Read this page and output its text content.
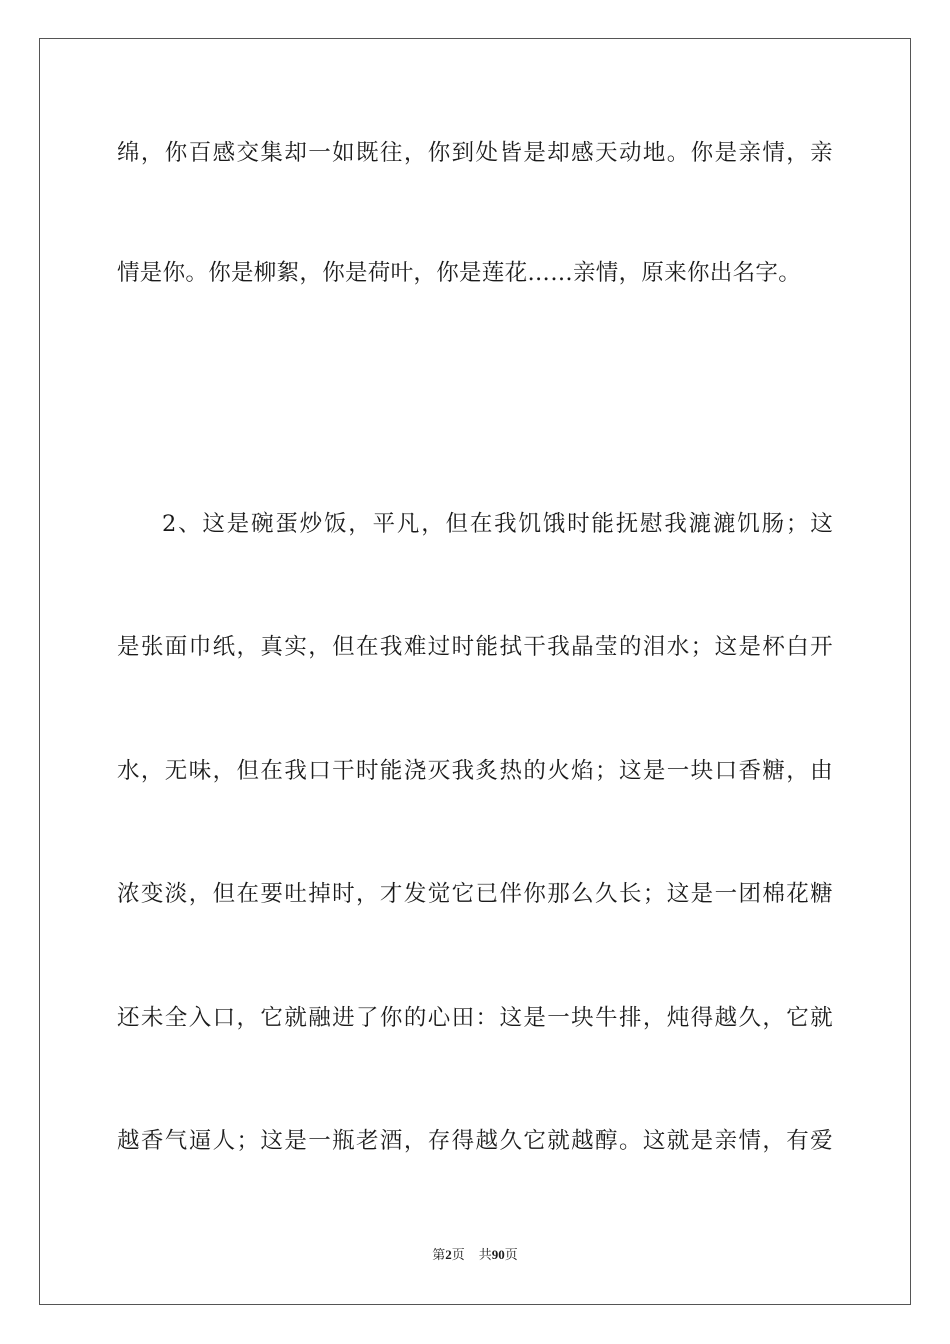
绵，你百感交集却一如既往，你到处皆是却感天动地。你是亲情，亲
情是你。你是柳絮，你是荷叶，你是莲花……亲情，原来你出名字。
2、这是碗蛋炒饭，平凡，但在我饥饿时能抚慰我漉漉饥肠；这
是张面巾纸，真实，但在我难过时能拭干我晶莹的泪水；这是杯白开
水，无味，但在我口干时能浇灭我炙热的火焰；这是一块口香糖，由
浓变淡，但在要吐掉时，才发觉它已伴你那么久长；这是一团棉花糖
还未全入口，它就融进了你的心田：这是一块牛排，炖得越久，它就
越香气逼人；这是一瓶老酒，存得越久它就越醇。这就是亲情，有爱
第2页 共90页
